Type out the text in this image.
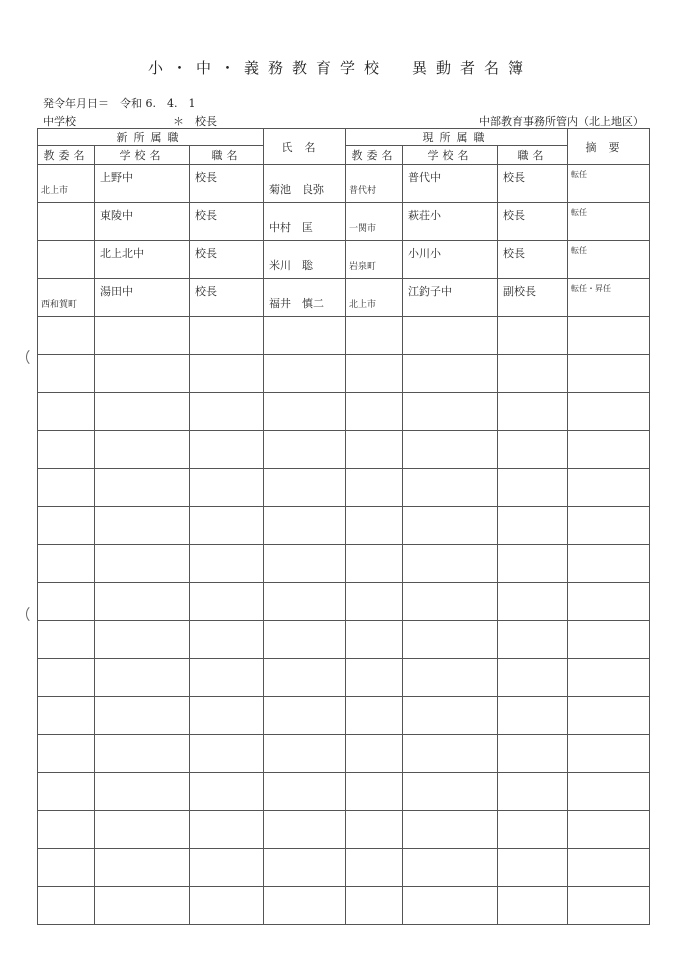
小・中・義務教育学校　異動者名簿
発令年月日＝　令和 6.　4.　1
中学校	＊　校長	中部教育事務所管内（北上地区）
新所属職			氏名	現所属職			摘要
教委名	学校名	職名		教委名	学校名	職名	

北上市	上野中	校長	菊池　良弥	普代村	普代中	校長	転任

	東陵中	校長	中村　匡	一関市	萩荘小	校長	転任

	北上北中	校長	米川　聡	岩泉町	小川小	校長	転任

西和賀町	湯田中	校長	福井　慎二	北上市	江釣子中	副校長	転任・昇任
